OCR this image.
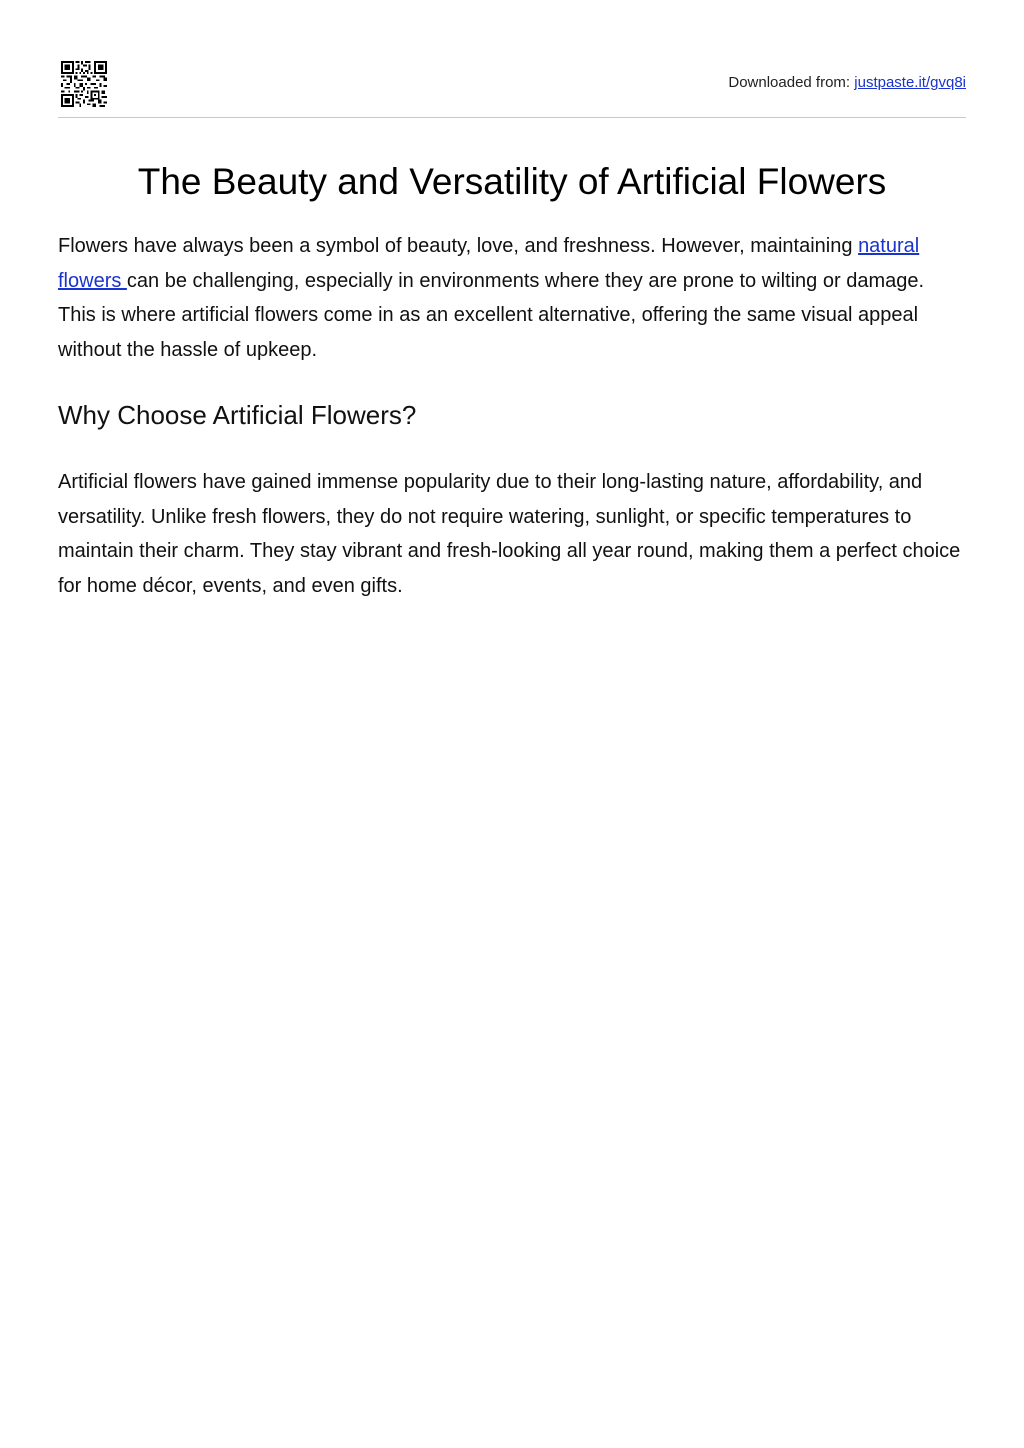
Downloaded from: justpaste.it/gvq8i
The Beauty and Versatility of Artificial Flowers

Flowers have always been a symbol of beauty, love, and freshness. However, maintaining natural flowers can be challenging, especially in environments where they are prone to wilting or damage. This is where artificial flowers come in as an excellent alternative, offering the same visual appeal without the hassle of upkeep.

Why Choose Artificial Flowers?

Artificial flowers have gained immense popularity due to their long-lasting nature, affordability, and versatility. Unlike fresh flowers, they do not require watering, sunlight, or specific temperatures to maintain their charm. They stay vibrant and fresh-looking all year round, making them a perfect choice for home décor, events, and even gifts.
